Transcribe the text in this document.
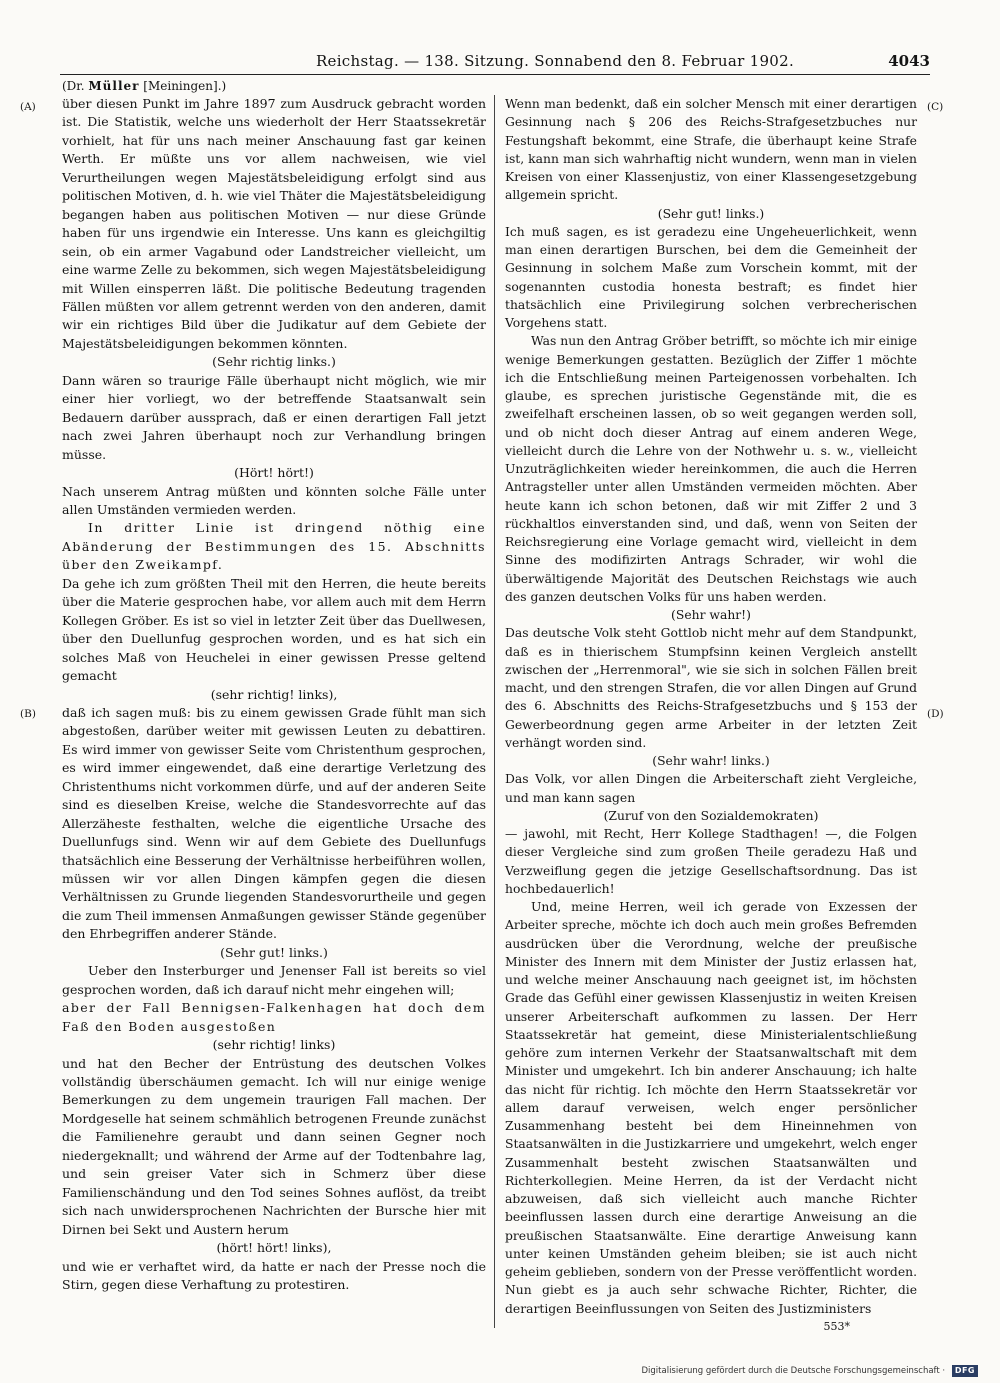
Reichstag. — 138. Sitzung. Sonnabend den 8. Februar 1902.	4043
(Dr. Müller [Meiningen].)
(A)
(B)
(C)
(D)

über diesen Punkt im Jahre 1897 zum Ausdruck gebracht worden ist. Die Statistik, welche uns wiederholt der Herr Staatssekretär vorhielt, hat für uns nach meiner Anschauung fast gar keinen Werth. Er müßte uns vor allem nachweisen, wie viel Verurtheilungen wegen Majestätsbeleidigung erfolgt sind aus politischen Motiven, d. h. wie viel Thäter die Majestätsbeleidigung begangen haben aus politischen Motiven — nur diese Gründe haben für uns irgendwie ein Interesse. Uns kann es gleichgiltig sein, ob ein armer Vagabund oder Landstreicher vielleicht, um eine warme Zelle zu bekommen, sich wegen Majestätsbeleidigung mit Willen einsperren läßt. Die politische Bedeutung tragenden Fällen müßten vor allem getrennt werden von den anderen, damit wir ein richtiges Bild über die Judikatur auf dem Gebiete der Majestätsbeleidigungen bekommen könnten.

(Sehr richtig links.)

Dann wären so traurige Fälle überhaupt nicht möglich, wie mir einer hier vorliegt, wo der betreffende Staatsanwalt sein Bedauern darüber aussprach, daß er einen derartigen Fall jetzt nach zwei Jahren überhaupt noch zur Verhandlung bringen müsse.

(Hört! hört!)

Nach unserem Antrag müßten und könnten solche Fälle unter allen Umständen vermieden werden.

In dritter Linie ist dringend nöthig eine Abänderung der Bestimmungen des 15. Abschnitts über den Zweikampf.

Da gehe ich zum größten Theil mit den Herren, die heute bereits über die Materie gesprochen habe, vor allem auch mit dem Herrn Kollegen Gröber. Es ist so viel in letzter Zeit über das Duellwesen, über den Duellunfug gesprochen worden, und es hat sich ein solches Maß von Heuchelei in einer gewissen Presse geltend gemacht

(sehr richtig! links),

daß ich sagen muß: bis zu einem gewissen Grade fühlt man sich abgestoßen, darüber weiter mit gewissen Leuten zu debattiren. Es wird immer von gewisser Seite vom Christenthum gesprochen, es wird immer eingewendet, daß eine derartige Verletzung des Christenthums nicht vorkommen dürfe, und auf der anderen Seite sind es dieselben Kreise, welche die Standesvorrechte auf das Allerzäheste festhalten, welche die eigentliche Ursache des Duellunfugs sind. Wenn wir auf dem Gebiete des Duellunfugs thatsächlich eine Besserung der Verhältnisse herbeiführen wollen, müssen wir vor allen Dingen kämpfen gegen die diesen Verhältnissen zu Grunde liegenden Standesvorurtheile und gegen die zum Theil immensen Anmaßungen gewisser Stände gegenüber den Ehrbegriffen anderer Stände.

(Sehr gut! links.)

Ueber den Insterburger und Jenenser Fall ist bereits so viel gesprochen worden, daß ich darauf nicht mehr eingehen will;

aber der Fall Bennigsen-Falkenhagen hat doch dem Faß den Boden ausgestoßen

(sehr richtig! links)

und hat den Becher der Entrüstung des deutschen Volkes vollständig überschäumen gemacht. Ich will nur einige wenige Bemerkungen zu dem ungemein traurigen Fall machen. Der Mordgeselle hat seinem schmählich betrogenen Freunde zunächst die Familienehre geraubt und dann seinen Gegner noch niedergeknallt; und während der Arme auf der Todtenbahre lag, und sein greiser Vater sich in Schmerz über diese Familienschändung und den Tod seines Sohnes auflöst, da treibt sich nach unwidersprochenen Nachrichten der Bursche hier mit Dirnen bei Sekt und Austern herum

(hört! hört! links),

und wie er verhaftet wird, da hatte er nach der Presse noch die Stirn, gegen diese Verhaftung zu protestiren.

Wenn man bedenkt, daß ein solcher Mensch mit einer derartigen Gesinnung nach § 206 des Reichs-Strafgesetzbuches nur Festungshaft bekommt, eine Strafe, die überhaupt keine Strafe ist, kann man sich wahrhaftig nicht wundern, wenn man in vielen Kreisen von einer Klassenjustiz, von einer Klassengesetzgebung allgemein spricht.

(Sehr gut! links.)

Ich muß sagen, es ist geradezu eine Ungeheuerlichkeit, wenn man einen derartigen Burschen, bei dem die Gemeinheit der Gesinnung in solchem Maße zum Vorschein kommt, mit der sogenannten custodia honesta bestraft; es findet hier thatsächlich eine Privilegirung solchen verbrecherischen Vorgehens statt.

Was nun den Antrag Gröber betrifft, so möchte ich mir einige wenige Bemerkungen gestatten. Bezüglich der Ziffer 1 möchte ich die Entschließung meinen Parteigenossen vorbehalten. Ich glaube, es sprechen juristische Gegenstände mit, die es zweifelhaft erscheinen lassen, ob so weit gegangen werden soll, und ob nicht doch dieser Antrag auf einem anderen Wege, vielleicht durch die Lehre von der Nothwehr u. s. w., vielleicht Unzuträglichkeiten wieder hereinkommen, die auch die Herren Antragsteller unter allen Umständen vermeiden möchten. Aber heute kann ich schon betonen, daß wir mit Ziffer 2 und 3 rückhaltlos einverstanden sind, und daß, wenn von Seiten der Reichsregierung eine Vorlage gemacht wird, vielleicht in dem Sinne des modifizirten Antrags Schrader, wir wohl die überwältigende Majorität des Deutschen Reichstags wie auch des ganzen deutschen Volks für uns haben werden.

(Sehr wahr!)

Das deutsche Volk steht Gottlob nicht mehr auf dem Standpunkt, daß es in thierischem Stumpfsinn keinen Vergleich anstellt zwischen der „Herrenmoral", wie sie sich in solchen Fällen breit macht, und den strengen Strafen, die vor allen Dingen auf Grund des 6. Abschnitts des Reichs-Strafgesetzbuchs und § 153 der Gewerbeordnung gegen arme Arbeiter in der letzten Zeit verhängt worden sind.

(Sehr wahr! links.)

Das Volk, vor allen Dingen die Arbeiterschaft zieht Vergleiche, und man kann sagen

(Zuruf von den Sozialdemokraten)

— jawohl, mit Recht, Herr Kollege Stadthagen! —, die Folgen dieser Vergleiche sind zum großen Theile geradezu Haß und Verzweiflung gegen die jetzige Gesellschaftsordnung. Das ist hochbedauerlich!

Und, meine Herren, weil ich gerade von Exzessen der Arbeiter spreche, möchte ich doch auch mein großes Befremden ausdrücken über die Verordnung, welche der preußische Minister des Innern mit dem Minister der Justiz erlassen hat, und welche meiner Anschauung nach geeignet ist, im höchsten Grade das Gefühl einer gewissen Klassenjustiz in weiten Kreisen unserer Arbeiterschaft aufkommen zu lassen. Der Herr Staatssekretär hat gemeint, diese Ministerialentschließung gehöre zum internen Verkehr der Staatsanwaltschaft mit dem Minister und umgekehrt. Ich bin anderer Anschauung; ich halte das nicht für richtig. Ich möchte den Herrn Staatssekretär vor allem darauf verweisen, welch enger persönlicher Zusammenhang besteht bei dem Hineinnehmen von Staatsanwälten in die Justizkarriere und umgekehrt, welch enger Zusammenhalt besteht zwischen Staatsanwälten und Richterkollegien. Meine Herren, da ist der Verdacht nicht abzuweisen, daß sich vielleicht auch manche Richter beeinflussen lassen durch eine derartige Anweisung an die preußischen Staatsanwälte. Eine derartige Anweisung kann unter keinen Umständen geheim bleiben; sie ist auch nicht geheim geblieben, sondern von der Presse veröffentlicht worden. Nun giebt es ja auch sehr schwache Richter, Richter, die derartigen Beeinflussungen von Seiten des Justizministers

553*
Digitalisierung gefördert durch die Deutsche Forschungsgemeinschaft · DFG
